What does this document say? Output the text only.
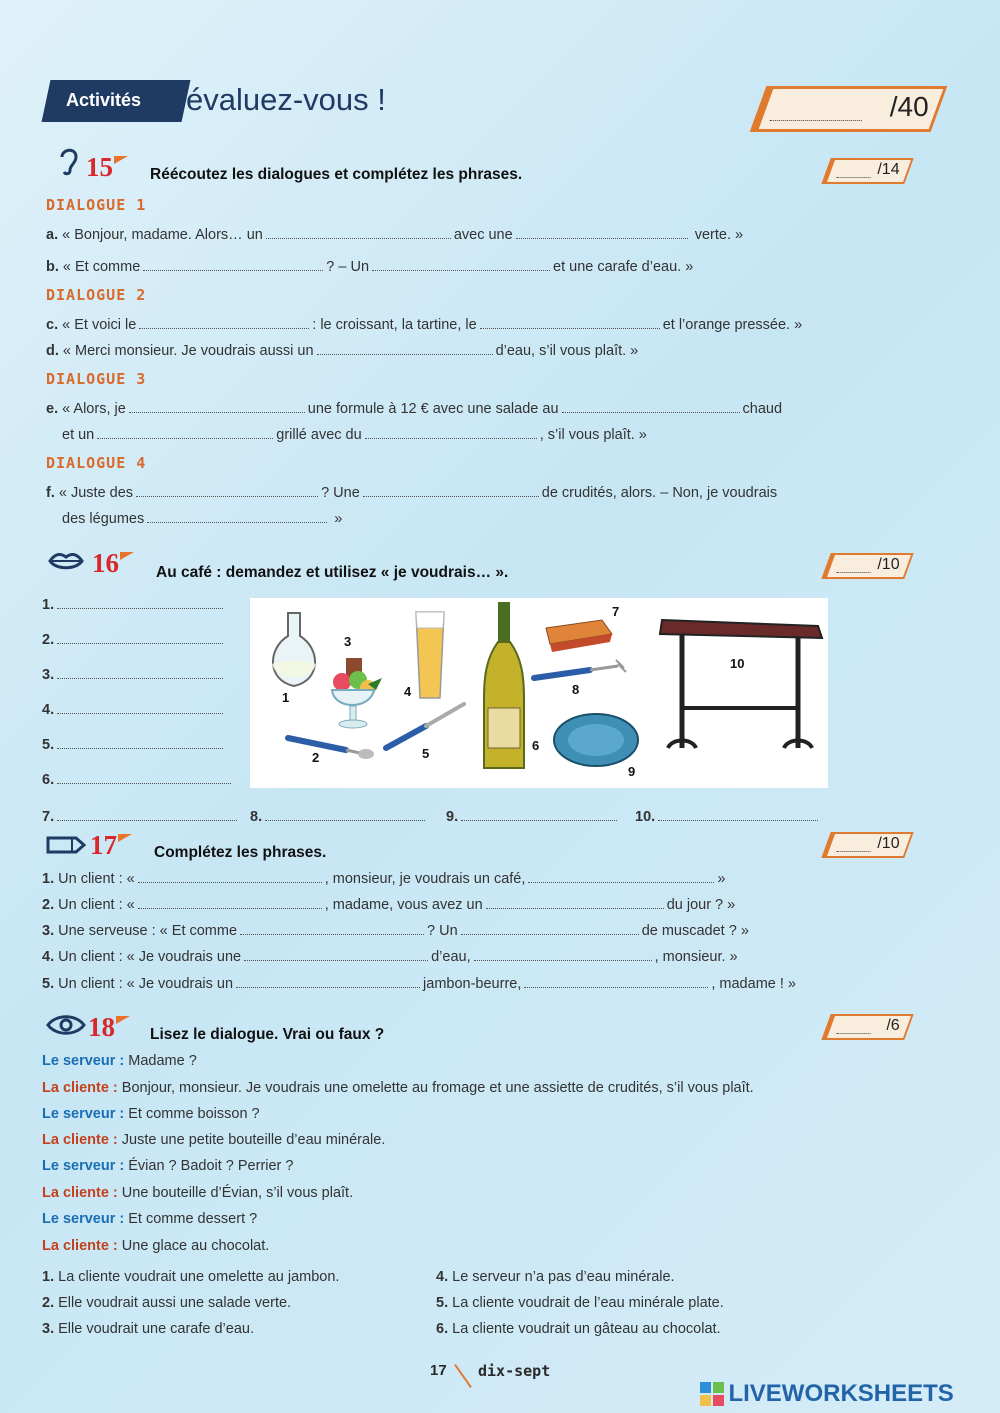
Activités évaluez-vous !	/40
15	Réécoutez les dialogues et complétez les phrases.	/14
DIALOGUE 1
a. « Bonjour, madame. Alors… un	avec une	verte. »
b. « Et comme	? – Un	et une carafe d’eau. »
DIALOGUE 2
c. « Et voici le	: le croissant, la tartine, le	et l’orange pressée. »
d. « Merci monsieur. Je voudrais aussi un	d’eau, s’il vous plaît. »
DIALOGUE 3
e. « Alors, je	une formule à 12 € avec une salade au	chaud
et un	grillé avec du	, s’il vous plaît. »
DIALOGUE 4
f. « Juste des	? Une	de crudités, alors. – Non, je voudrais
des légumes	»
16	Au café : demandez et utilisez « je voudrais… ».	/10
1.
2.
3.
4.
5.
6.
7.	8.	9.	10.
1
2
3
4
5
6
7
8
9
10
17	Complétez les phrases.
/10
1. Un client : «	, monsieur, je voudrais un café,	»
2. Un client : «	, madame, vous avez un	du jour ? »
3. Une serveuse : « Et comme	? Un	de muscadet ? »
4. Un client : « Je voudrais une	d’eau,	, monsieur. »
5. Un client : « Je voudrais un	jambon-beurre,	, madame ! »
18	Lisez le dialogue. Vrai ou faux ?
/6
Le serveur : Madame ?
La cliente : Bonjour, monsieur. Je voudrais une omelette au fromage et une assiette de crudités, s’il vous plaît.
Le serveur : Et comme boisson ?
La cliente : Juste une petite bouteille d’eau minérale.
Le serveur : Évian ? Badoit ? Perrier ?
La cliente : Une bouteille d’Évian, s’il vous plaît.
Le serveur : Et comme dessert ?
La cliente : Une glace au chocolat.
1. La cliente voudrait une omelette au jambon.
2. Elle voudrait aussi une salade verte.
3. Elle voudrait une carafe d’eau.
4. Le serveur n’a pas d’eau minérale.
5. La cliente voudrait de l’eau minérale plate.
6. La cliente voudrait un gâteau au chocolat.
17 dix-sept
LIVEWORKSHEETS
